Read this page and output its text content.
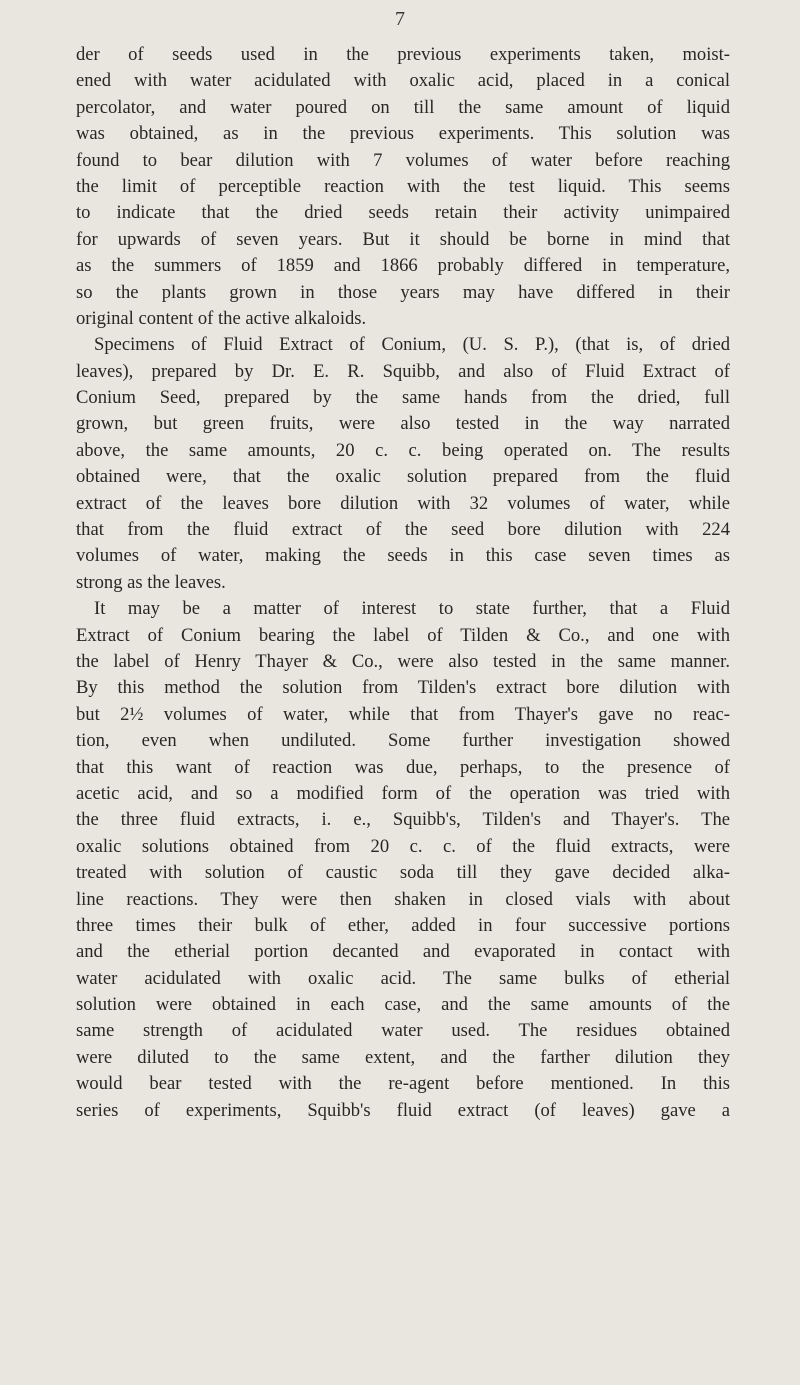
7
der of seeds used in the previous experiments taken, moist-
ened with water acidulated with oxalic acid, placed in a conical
percolator, and water poured on till the same amount of liquid
was obtained, as in the previous experiments. This solution was
found to bear dilution with 7 volumes of water before reaching
the limit of perceptible reaction with the test liquid. This seems
to indicate that the dried seeds retain their activity unimpaired
for upwards of seven years. But it should be borne in mind that
as the summers of 1859 and 1866 probably differed in temperature,
so the plants grown in those years may have differed in their
original content of the active alkaloids.
Specimens of Fluid Extract of Conium, (U. S. P.), (that is, of dried
leaves), prepared by Dr. E. R. Squibb, and also of Fluid Extract of
Conium Seed, prepared by the same hands from the dried, full
grown, but green fruits, were also tested in the way narrated
above, the same amounts, 20 c. c. being operated on. The results
obtained were, that the oxalic solution prepared from the fluid
extract of the leaves bore dilution with 32 volumes of water, while
that from the fluid extract of the seed bore dilution with 224
volumes of water, making the seeds in this case seven times as
strong as the leaves.
It may be a matter of interest to state further, that a Fluid
Extract of Conium bearing the label of Tilden & Co., and one with
the label of Henry Thayer & Co., were also tested in the same manner.
By this method the solution from Tilden's extract bore dilution with
but 2½ volumes of water, while that from Thayer's gave no reac-
tion, even when undiluted. Some further investigation showed
that this want of reaction was due, perhaps, to the presence of
acetic acid, and so a modified form of the operation was tried with
the three fluid extracts, i. e., Squibb's, Tilden's and Thayer's. The
oxalic solutions obtained from 20 c. c. of the fluid extracts, were
treated with solution of caustic soda till they gave decided alka-
line reactions. They were then shaken in closed vials with about
three times their bulk of ether, added in four successive portions
and the etherial portion decanted and evaporated in contact with
water acidulated with oxalic acid. The same bulks of etherial
solution were obtained in each case, and the same amounts of the
same strength of acidulated water used. The residues obtained
were diluted to the same extent, and the farther dilution they
would bear tested with the re-agent before mentioned. In this
series of experiments, Squibb's fluid extract (of leaves) gave a
